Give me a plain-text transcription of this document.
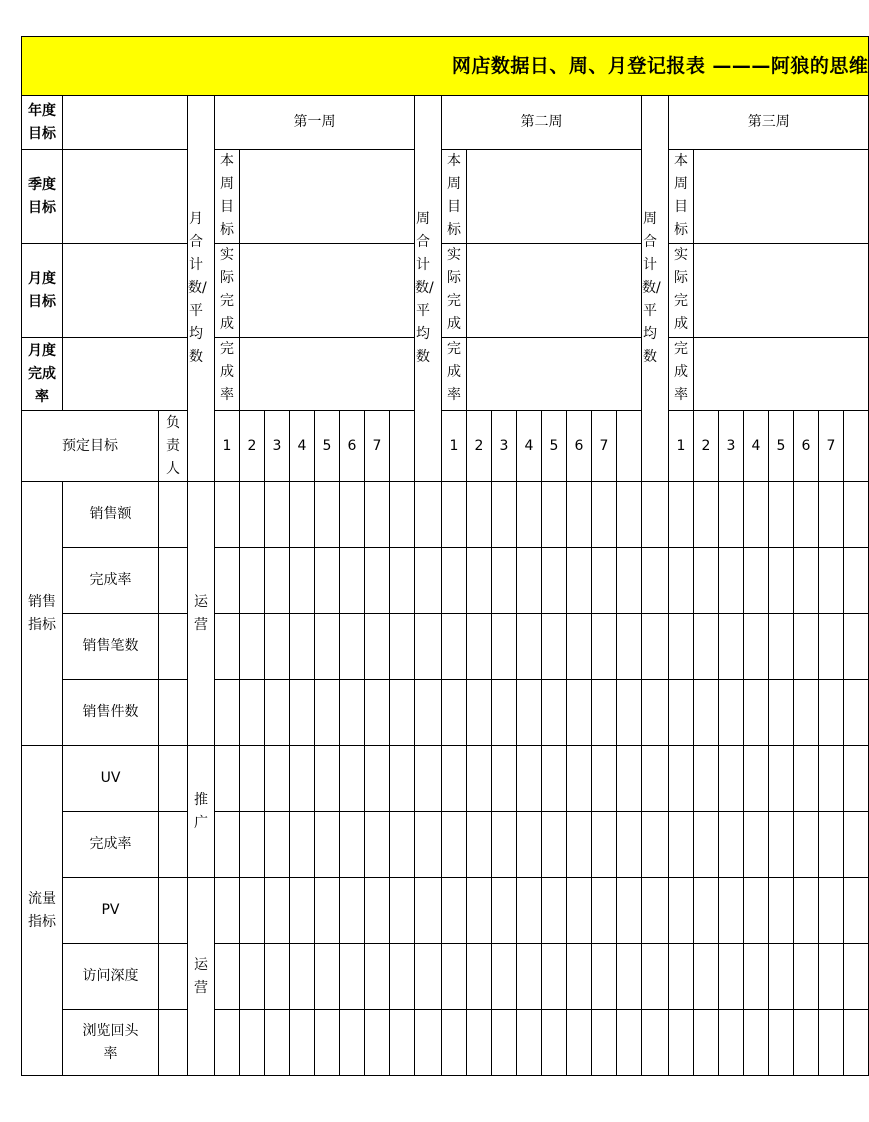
网店数据日、周、月登记报表 ———阿狼的思维																														
年度目标			月合计数/平均数	第一周								周合计数/平均数	第二周								周合计数/平均数	第三周								
季度目标				本周目标									本周目标									本周目标								
月度目标				实际完成									实际完成									实际完成								
月度完成率				完成率									完成率									完成率								
预定目标		负责人		1	2	3	4	5	6	7			1	2	3	4	5	6	7			1	2	3	4	5	6	7		
销售指标	销售额		运营																											
	完成率																													
	销售笔数																													
	销售件数																													
流量指标	UV		推广																											
	完成率																													
	PV		运营																											
	访问深度																													
	浏览回头率																													
